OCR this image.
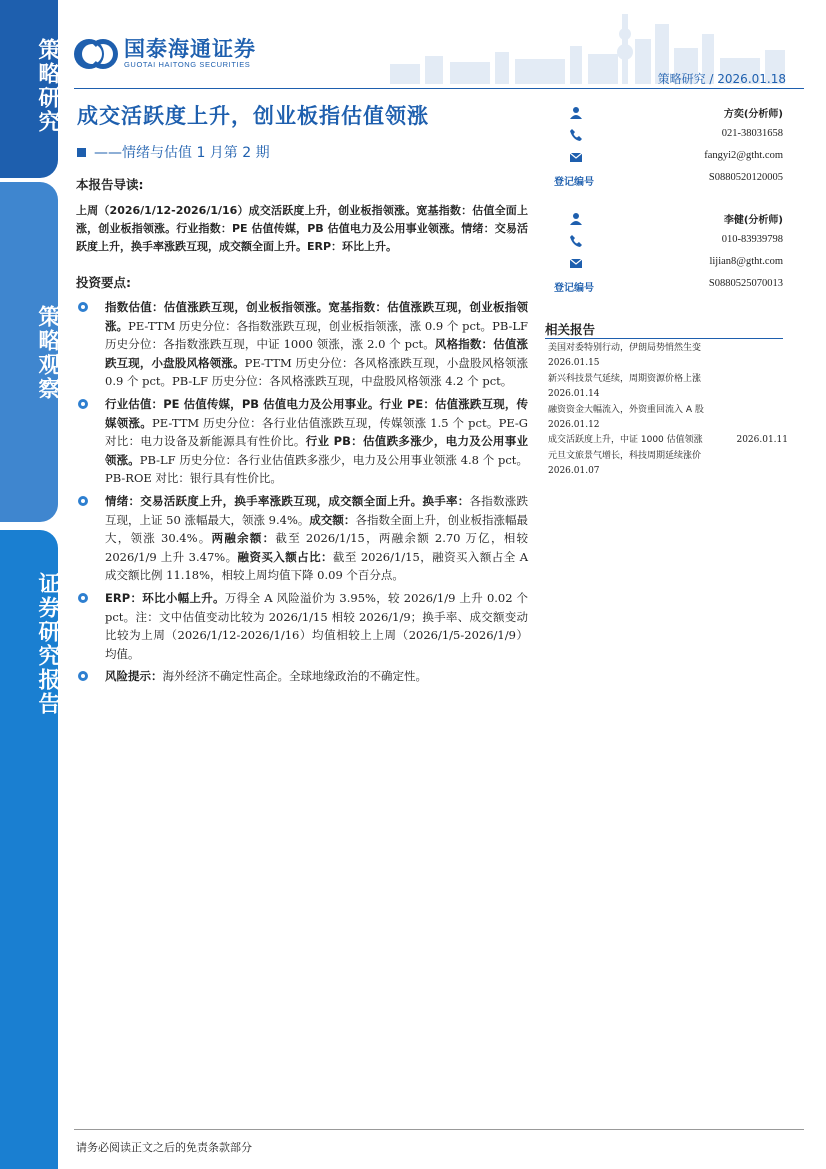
策略研究
策略观察
证券研究报告
国泰海通证券
GUOTAI HAITONG SECURITIES
策略研究 / 2026.01.18
成交活跃度上升，创业板指估值领涨
——情绪与估值 1 月第 2 期
本报告导读:
上周（2026/1/12-2026/1/16）成交活跃度上升，创业板指领涨。宽基指数：估值全面上涨，创业板指领涨。行业指数：PE 估值传媒，PB 估值电力及公用事业领涨。情绪：交易活跃度上升，换手率涨跌互现，成交额全面上升。ERP：环比上升。
投资要点:
指数估值：估值涨跌互现，创业板指领涨。宽基指数：估值涨跌互现，创业板指领涨。PE-TTM 历史分位：各指数涨跌互现，创业板指领涨，涨 0.9 个 pct。PB-LF 历史分位：各指数涨跌互现，中证 1000 领涨，涨 2.0 个 pct。风格指数：估值涨跌互现，小盘股风格领涨。PE-TTM 历史分位：各风格涨跌互现，小盘股风格领涨 0.9 个 pct。PB-LF 历史分位：各风格涨跌互现，中盘股风格领涨 4.2 个 pct。
行业估值：PE 估值传媒，PB 估值电力及公用事业。行业 PE：估值涨跌互现，传媒领涨。PE-TTM 历史分位：各行业估值涨跌互现，传媒领涨 1.5 个 pct。PE-G 对比：电力设备及新能源具有性价比。行业 PB：估值跌多涨少，电力及公用事业领涨。PB-LF 历史分位：各行业估值跌多涨少，电力及公用事业领涨 4.8 个 pct。PB-ROE 对比：银行具有性价比。
情绪：交易活跃度上升，换手率涨跌互现，成交额全面上升。换手率：各指数涨跌互现，上证 50 涨幅最大，领涨 9.4%。成交额：各指数全面上升，创业板指涨幅最大，领涨 30.4%。两融余额：截至 2026/1/15，两融余额 2.70 万亿，相较 2026/1/9 上升 3.47%。融资买入额占比：截至 2026/1/15，融资买入额占全 A 成交额比例 11.18%，相较上周均值下降 0.09 个百分点。
ERP：环比小幅上升。万得全 A 风险溢价为 3.95%，较 2026/1/9 上升 0.02 个 pct。注：文中估值变动比较为 2026/1/15 相较 2026/1/9；换手率、成交额变动比较为上周（2026/1/12-2026/1/16）均值相较上上周（2026/1/5-2026/1/9）均值。
风险提示：海外经济不确定性高企。全球地缘政治的不确定性。
方奕(分析师)
021-38031658
fangyi2@gtht.com
登记编号	S0880520120005
李健(分析师)
010-83939798
lijian8@gtht.com
登记编号	S0880525070013
相关报告
美国对委特别行动，伊朗局势悄然生变
2026.01.15
新兴科技景气延续，周期资源价格上涨
2026.01.14
融资资金大幅流入，外资重回流入 A 股
2026.01.12
成交活跃度上升，中证 1000 估值领涨	2026.01.11
元旦文旅景气增长，科技周期延续涨价
2026.01.07
请务必阅读正文之后的免责条款部分
